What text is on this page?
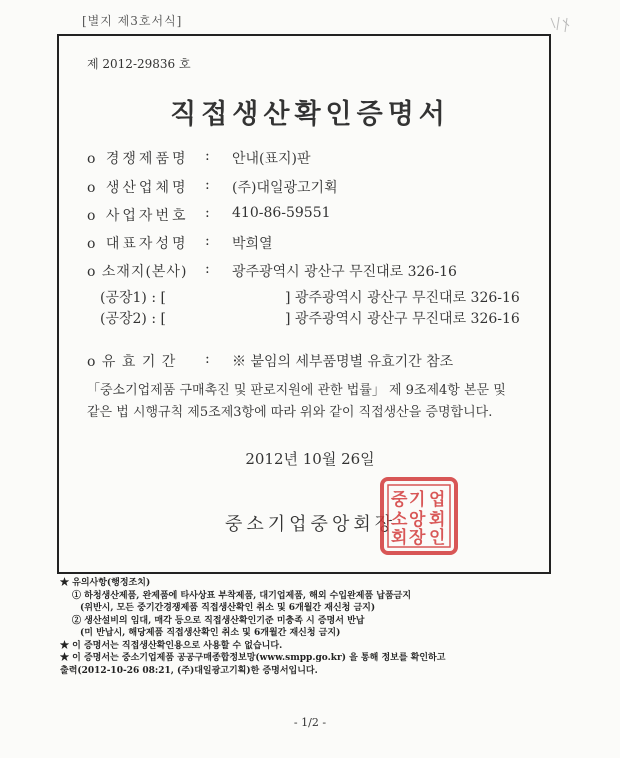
[별지 제3호서식]
제 2012-29836 호
직접생산확인증명서
ο 경쟁제품명 : 안내(표지)판
ο 생산업체명 : (주)대일광고기획
ο 사업자번호 : 410-86-59551
ο 대표자성명 : 박희열
ο 소재지(본사) : 광주광역시 광산구 무진대로 326-16
(공장1) : [	] 광주광역시 광산구 무진대로 326-16
(공장2) : [	] 광주광역시 광산구 무진대로 326-16
ο 유 효 기 간 : ※ 붙임의 세부품명별 유효기간 참조

「중소기업제품 구매촉진 및 판로지원에 관한 법률」 제 9조제4항 본문 및

같은 법 시행규칙 제5조제3항에 따라 위와 같이 직접생산을 증명합니다.

2012년 10월 26일
중소기업중앙회장
중 기 업
소 앙 회
회 장 인
★ 유의사항(행정조치)
① 하청생산제품, 완제품에 타사상표 부착제품, 대기업제품, 해외 수입완제품 납품금지
(위반시, 모든 중기간경쟁제품 직접생산확인 취소 및 6개월간 재신청 금지)
② 생산설비의 임대, 매각 등으로 직접생산확인기준 미충족 시 증명서 반납
(미 반납시, 해당제품 직접생산확인 취소 및 6개월간 재신청 금지)
★ 이 증명서는 직접생산확인용으로 사용할 수 없습니다.
★ 이 증명서는 중소기업제품 공공구매종합정보망(www.smpp.go.kr) 을 통해 정보를 확인하고
출력(2012-10-26 08:21, (주)대일광고기획)한 증명서입니다.
- 1/2 -
